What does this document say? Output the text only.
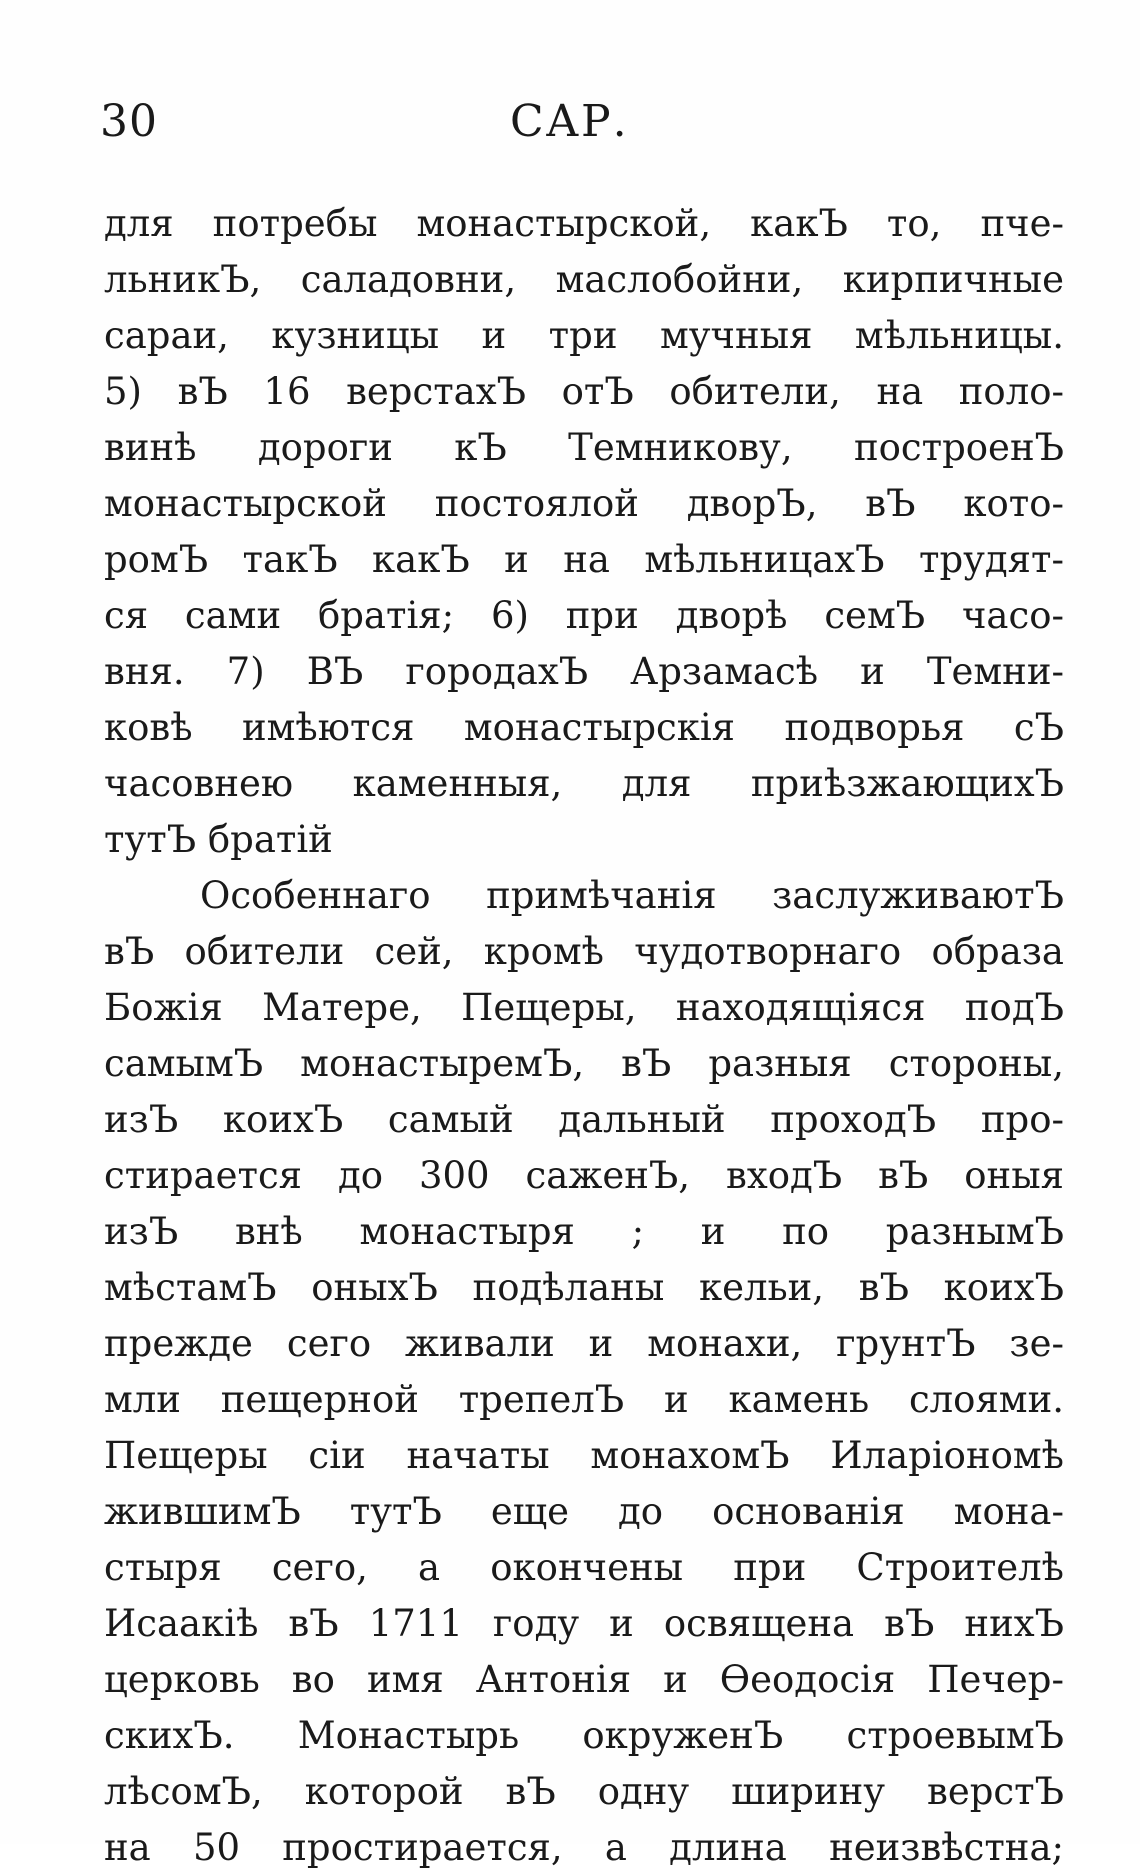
30	САР.
для потребы монастырской, какЪ то, пче-
льникЪ, саладовни, маслобойни, кирпичные
сараи, кузницы и три мучныя мѣльницы.
5) вЪ 16 верстахЪ отЪ обители, на поло-
винѣ дороги кЪ Темникову, построенЪ
монастырской постоялой дворЪ, вЪ кото-
ромЪ такЪ какЪ и на мѣльницахЪ трудят-
ся сами братія; 6) при дворѣ семЪ часо-
вня. 7) ВЪ городахЪ Арзамасѣ и Темни-
ковѣ имѣются монастырскія подворья сЪ
часовнею каменныя, для приѣзжающихЪ
тутЪ братій
Особеннаго примѣчанія заслуживаютЪ
вЪ обители сей, кромѣ чудотворнаго образа
Божія Матере, Пещеры, находящіяся подЪ
самымЪ монастыремЪ, вЪ разныя стороны,
изЪ коихЪ самый дальный проходЪ про-
стирается до 300 саженЪ, входЪ вЪ оныя
изЪ внѣ монастыря ; и по разнымЪ
мѣстамЪ оныхЪ подѣланы кельи, вЪ коихЪ
прежде сего живали и монахи, грунтЪ зе-
мли пещерной трепелЪ и камень слоями.
Пещеры сіи начаты монахомЪ Иларіономѣ
жившимЪ тутЪ еще до основанія мона-
стыря сего, а окончены при Строителѣ
Исаакіѣ вЪ 1711 году и освящена вЪ нихЪ
церковь во имя Антонія и Өеодосія Печер-
скихЪ. Монастырь окруженЪ строевымЪ
лѣсомЪ, которой вЪ одну ширину верстЪ
на 50 простирается, а длина неизвѣстна;
